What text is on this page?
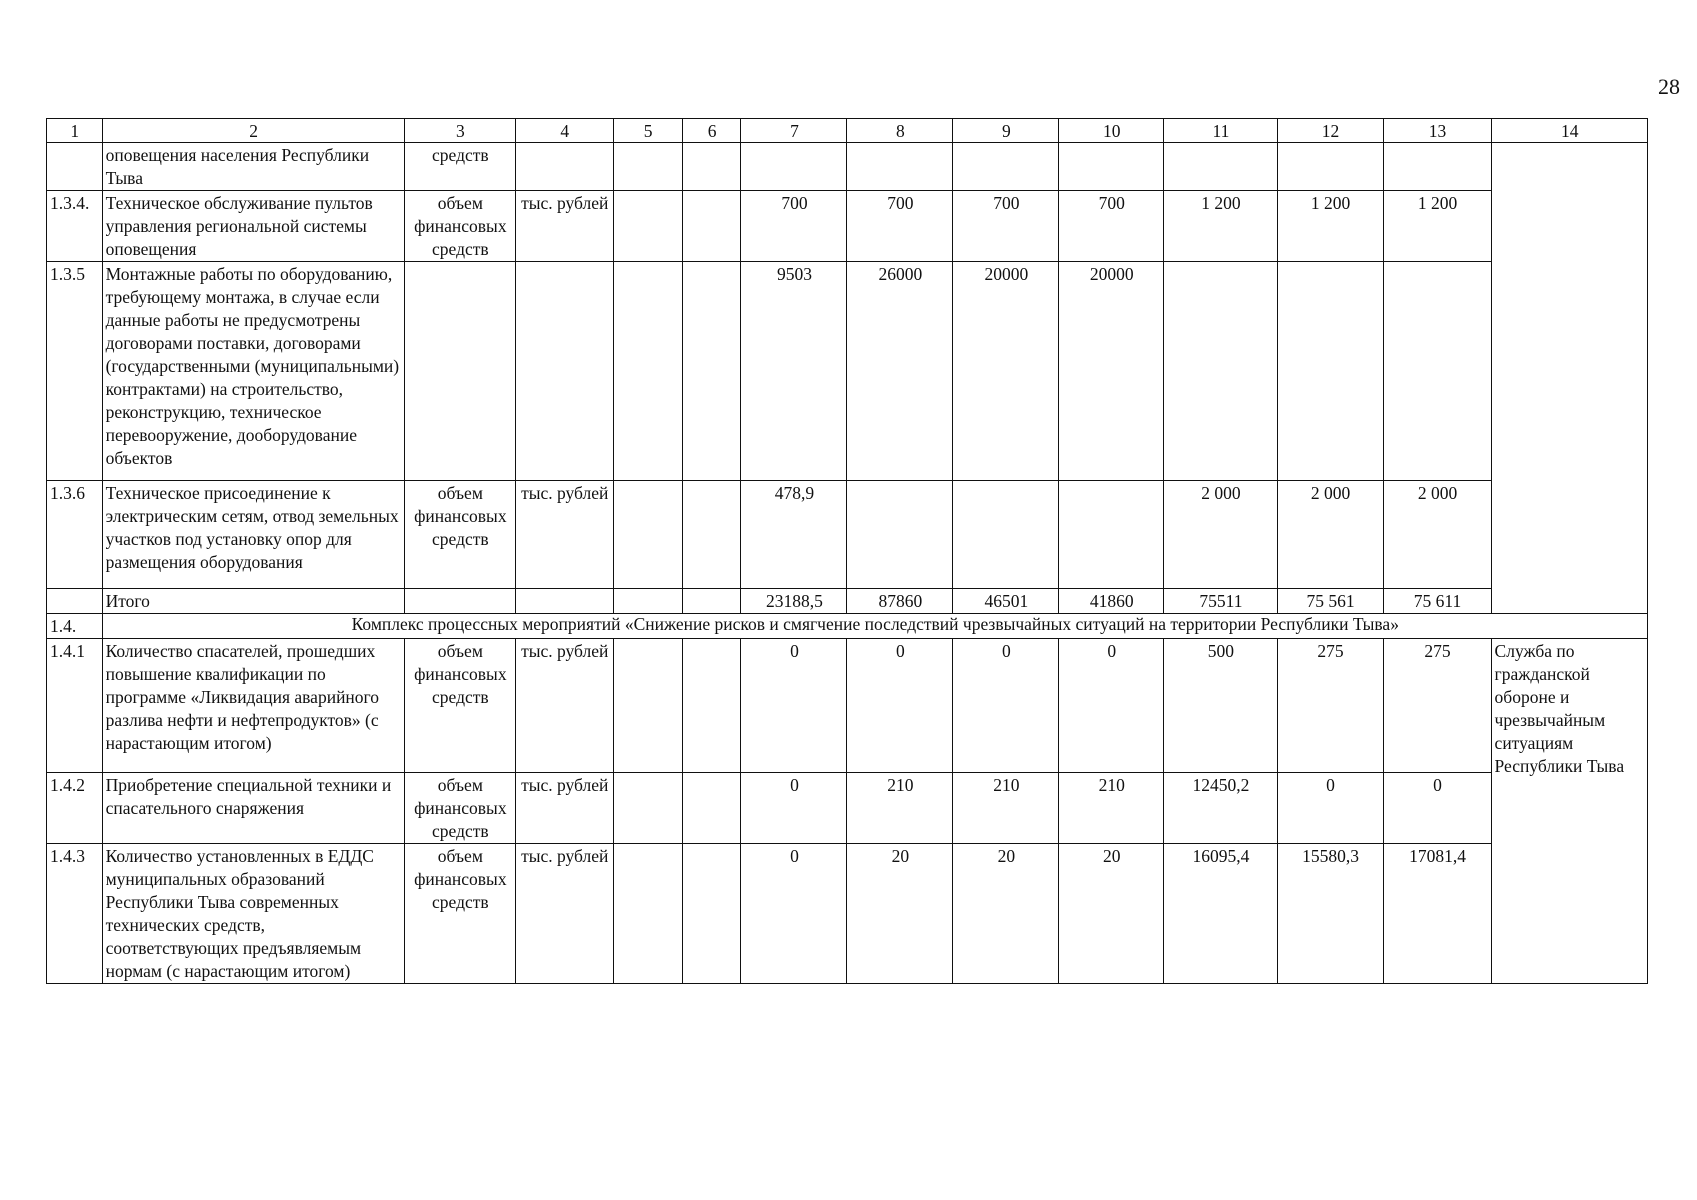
28
1	2	3	4	5	6	7	8	9	10	11	12	13	14
	оповещения населения Республики Тыва	средств											
1.3.4.	Техническое обслуживание пультов управления региональной системы оповещения	объем финансовых средств	тыс. рублей			700	700	700	700	1 200	1 200	1 200	
1.3.5	Монтажные работы по оборудованию, требующему монтажа, в случае если данные работы не предусмотрены договорами поставки, договорами (государственными (муниципальными) контрактами) на строительство, реконструкцию, техническое перевооружение, дооборудование объектов					9503	26000	20000	20000				
1.3.6	Техническое присоединение к электрическим сетям, отвод земельных участков под установку опор для размещения оборудования	объем финансовых средств	тыс. рублей			478,9				2 000	2 000	2 000	
	Итого					23188,5	87860	46501	41860	75511	75 561	75 611	
1.4.	Комплекс процессных мероприятий «Снижение рисков и смягчение последствий чрезвычайных ситуаций на территории Республики Тыва»												
1.4.1	Количество спасателей, прошедших повышение квалификации по программе «Ликвидация аварийного разлива нефти и нефтепродуктов» (с нарастающим итогом)	объем финансовых средств	тыс. рублей			0	0	0	0	500	275	275	Служба по гражданской обороне и чрезвычайным ситуациям Республики Тыва
1.4.2	Приобретение специальной техники и спасательного снаряжения	объем финансовых средств	тыс. рублей			0	210	210	210	12450,2	0	0	
1.4.3	Количество установленных в ЕДДС муниципальных образований Республики Тыва современных технических средств, соответствующих предъявляемым нормам (с нарастающим итогом)	объем финансовых средств	тыс. рублей			0	20	20	20	16095,4	15580,3	17081,4	
